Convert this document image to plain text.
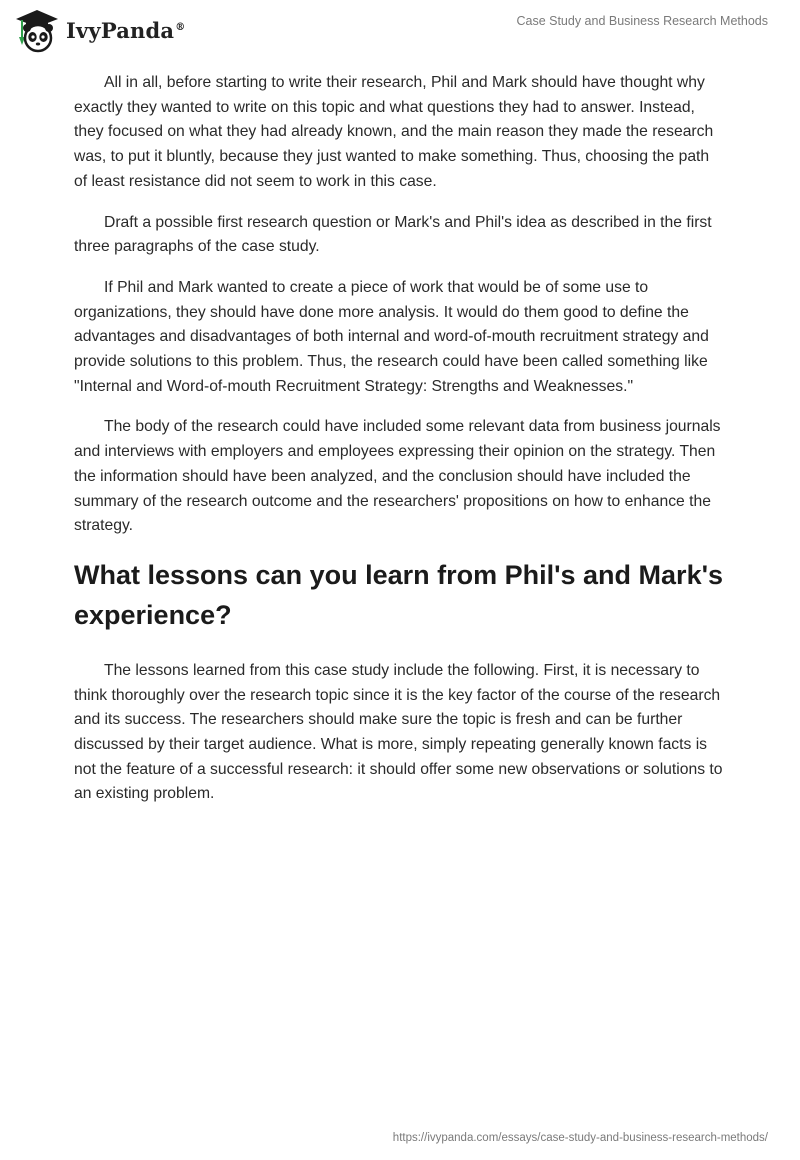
IvyPanda®	Case Study and Business Research Methods

All in all, before starting to write their research, Phil and Mark should have thought why exactly they wanted to write on this topic and what questions they had to answer. Instead, they focused on what they had already known, and the main reason they made the research was, to put it bluntly, because they just wanted to make something. Thus, choosing the path of least resistance did not seem to work in this case.

Draft a possible first research question or Mark's and Phil's idea as described in the first three paragraphs of the case study.

If Phil and Mark wanted to create a piece of work that would be of some use to organizations, they should have done more analysis. It would do them good to define the advantages and disadvantages of both internal and word-of-mouth recruitment strategy and provide solutions to this problem. Thus, the research could have been called something like "Internal and Word-of-mouth Recruitment Strategy: Strengths and Weaknesses."

The body of the research could have included some relevant data from business journals and interviews with employers and employees expressing their opinion on the strategy. Then the information should have been analyzed, and the conclusion should have included the summary of the research outcome and the researchers' propositions on how to enhance the strategy.

What lessons can you learn from Phil's and Mark's experience?

The lessons learned from this case study include the following. First, it is necessary to think thoroughly over the research topic since it is the key factor of the course of the research and its success. The researchers should make sure the topic is fresh and can be further discussed by their target audience. What is more, simply repeating generally known facts is not the feature of a successful research: it should offer some new observations or solutions to an existing problem.

https://ivypanda.com/essays/case-study-and-business-research-methods/
